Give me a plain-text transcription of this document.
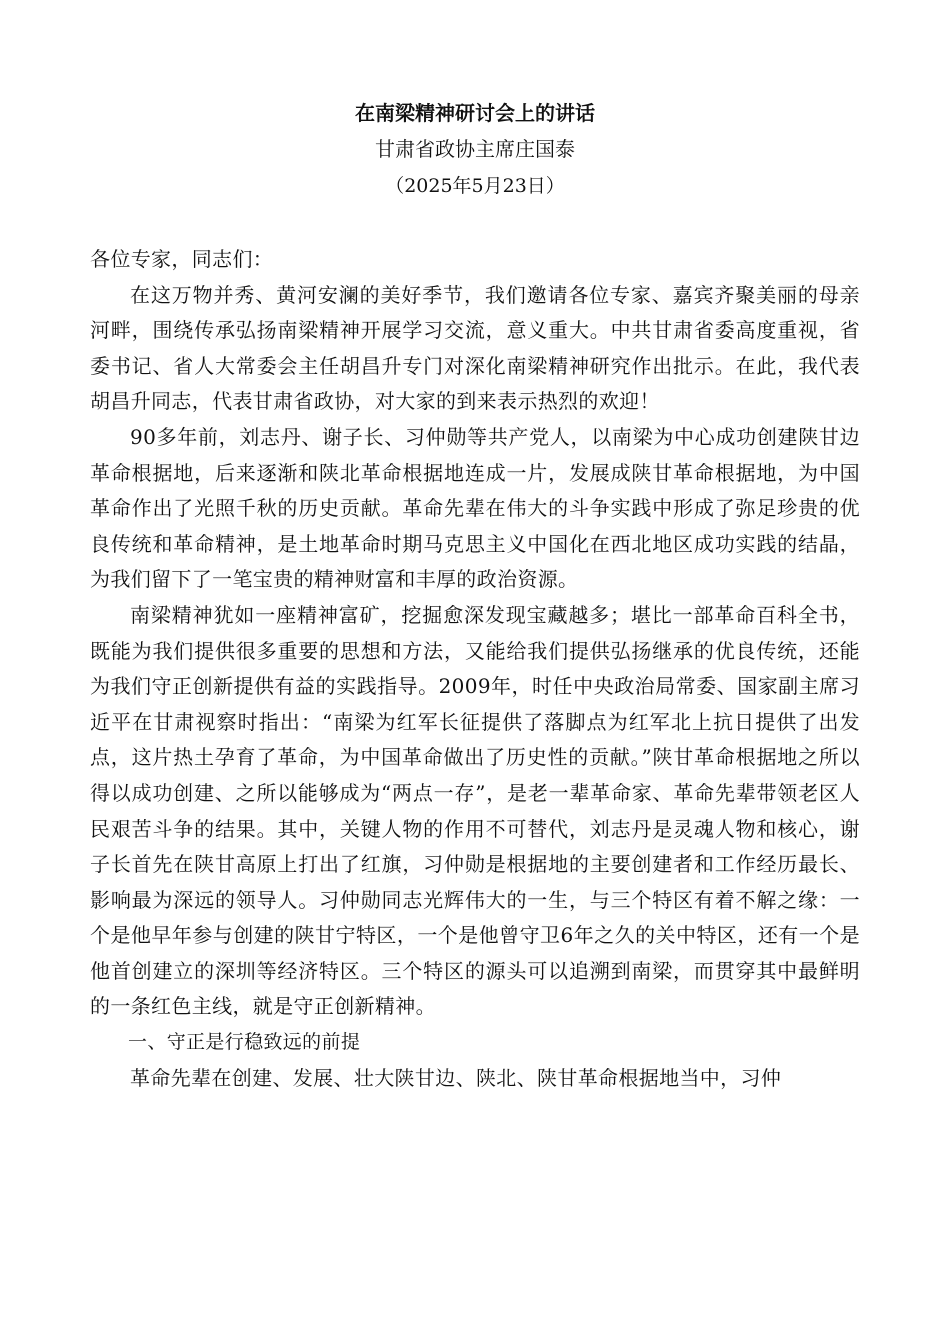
在南梁精神研讨会上的讲话
甘肃省政协主席庄国泰
（2025年5月23日）

各位专家，同志们：

在这万物并秀、黄河安澜的美好季节，我们邀请各位专家、嘉宾齐聚美丽的母亲河畔，围绕传承弘扬南梁精神开展学习交流，意义重大。中共甘肃省委高度重视，省委书记、省人大常委会主任胡昌升专门对深化南梁精神研究作出批示。在此，我代表胡昌升同志，代表甘肃省政协，对大家的到来表示热烈的欢迎！

90多年前，刘志丹、谢子长、习仲勋等共产党人，以南梁为中心成功创建陕甘边革命根据地，后来逐渐和陕北革命根据地连成一片，发展成陕甘革命根据地，为中国革命作出了光照千秋的历史贡献。革命先辈在伟大的斗争实践中形成了弥足珍贵的优良传统和革命精神，是土地革命时期马克思主义中国化在西北地区成功实践的结晶，为我们留下了一笔宝贵的精神财富和丰厚的政治资源。

南梁精神犹如一座精神富矿，挖掘愈深发现宝藏越多；堪比一部革命百科全书，既能为我们提供很多重要的思想和方法，又能给我们提供弘扬继承的优良传统，还能为我们守正创新提供有益的实践指导。2009年，时任中央政治局常委、国家副主席习近平在甘肃视察时指出：“南梁为红军长征提供了落脚点为红军北上抗日提供了出发点，这片热土孕育了革命，为中国革命做出了历史性的贡献。”陕甘革命根据地之所以得以成功创建、之所以能够成为“两点一存”，是老一辈革命家、革命先辈带领老区人民艰苦斗争的结果。其中，关键人物的作用不可替代，刘志丹是灵魂人物和核心，谢子长首先在陕甘高原上打出了红旗，习仲勋是根据地的主要创建者和工作经历最长、影响最为深远的领导人。习仲勋同志光辉伟大的一生，与三个特区有着不解之缘：一个是他早年参与创建的陕甘宁特区，一个是他曾守卫6年之久的关中特区，还有一个是他首创建立的深圳等经济特区。三个特区的源头可以追溯到南梁，而贯穿其中最鲜明的一条红色主线，就是守正创新精神。

一、守正是行稳致远的前提

革命先辈在创建、发展、壮大陕甘边、陕北、陕甘革命根据地当中，习仲
